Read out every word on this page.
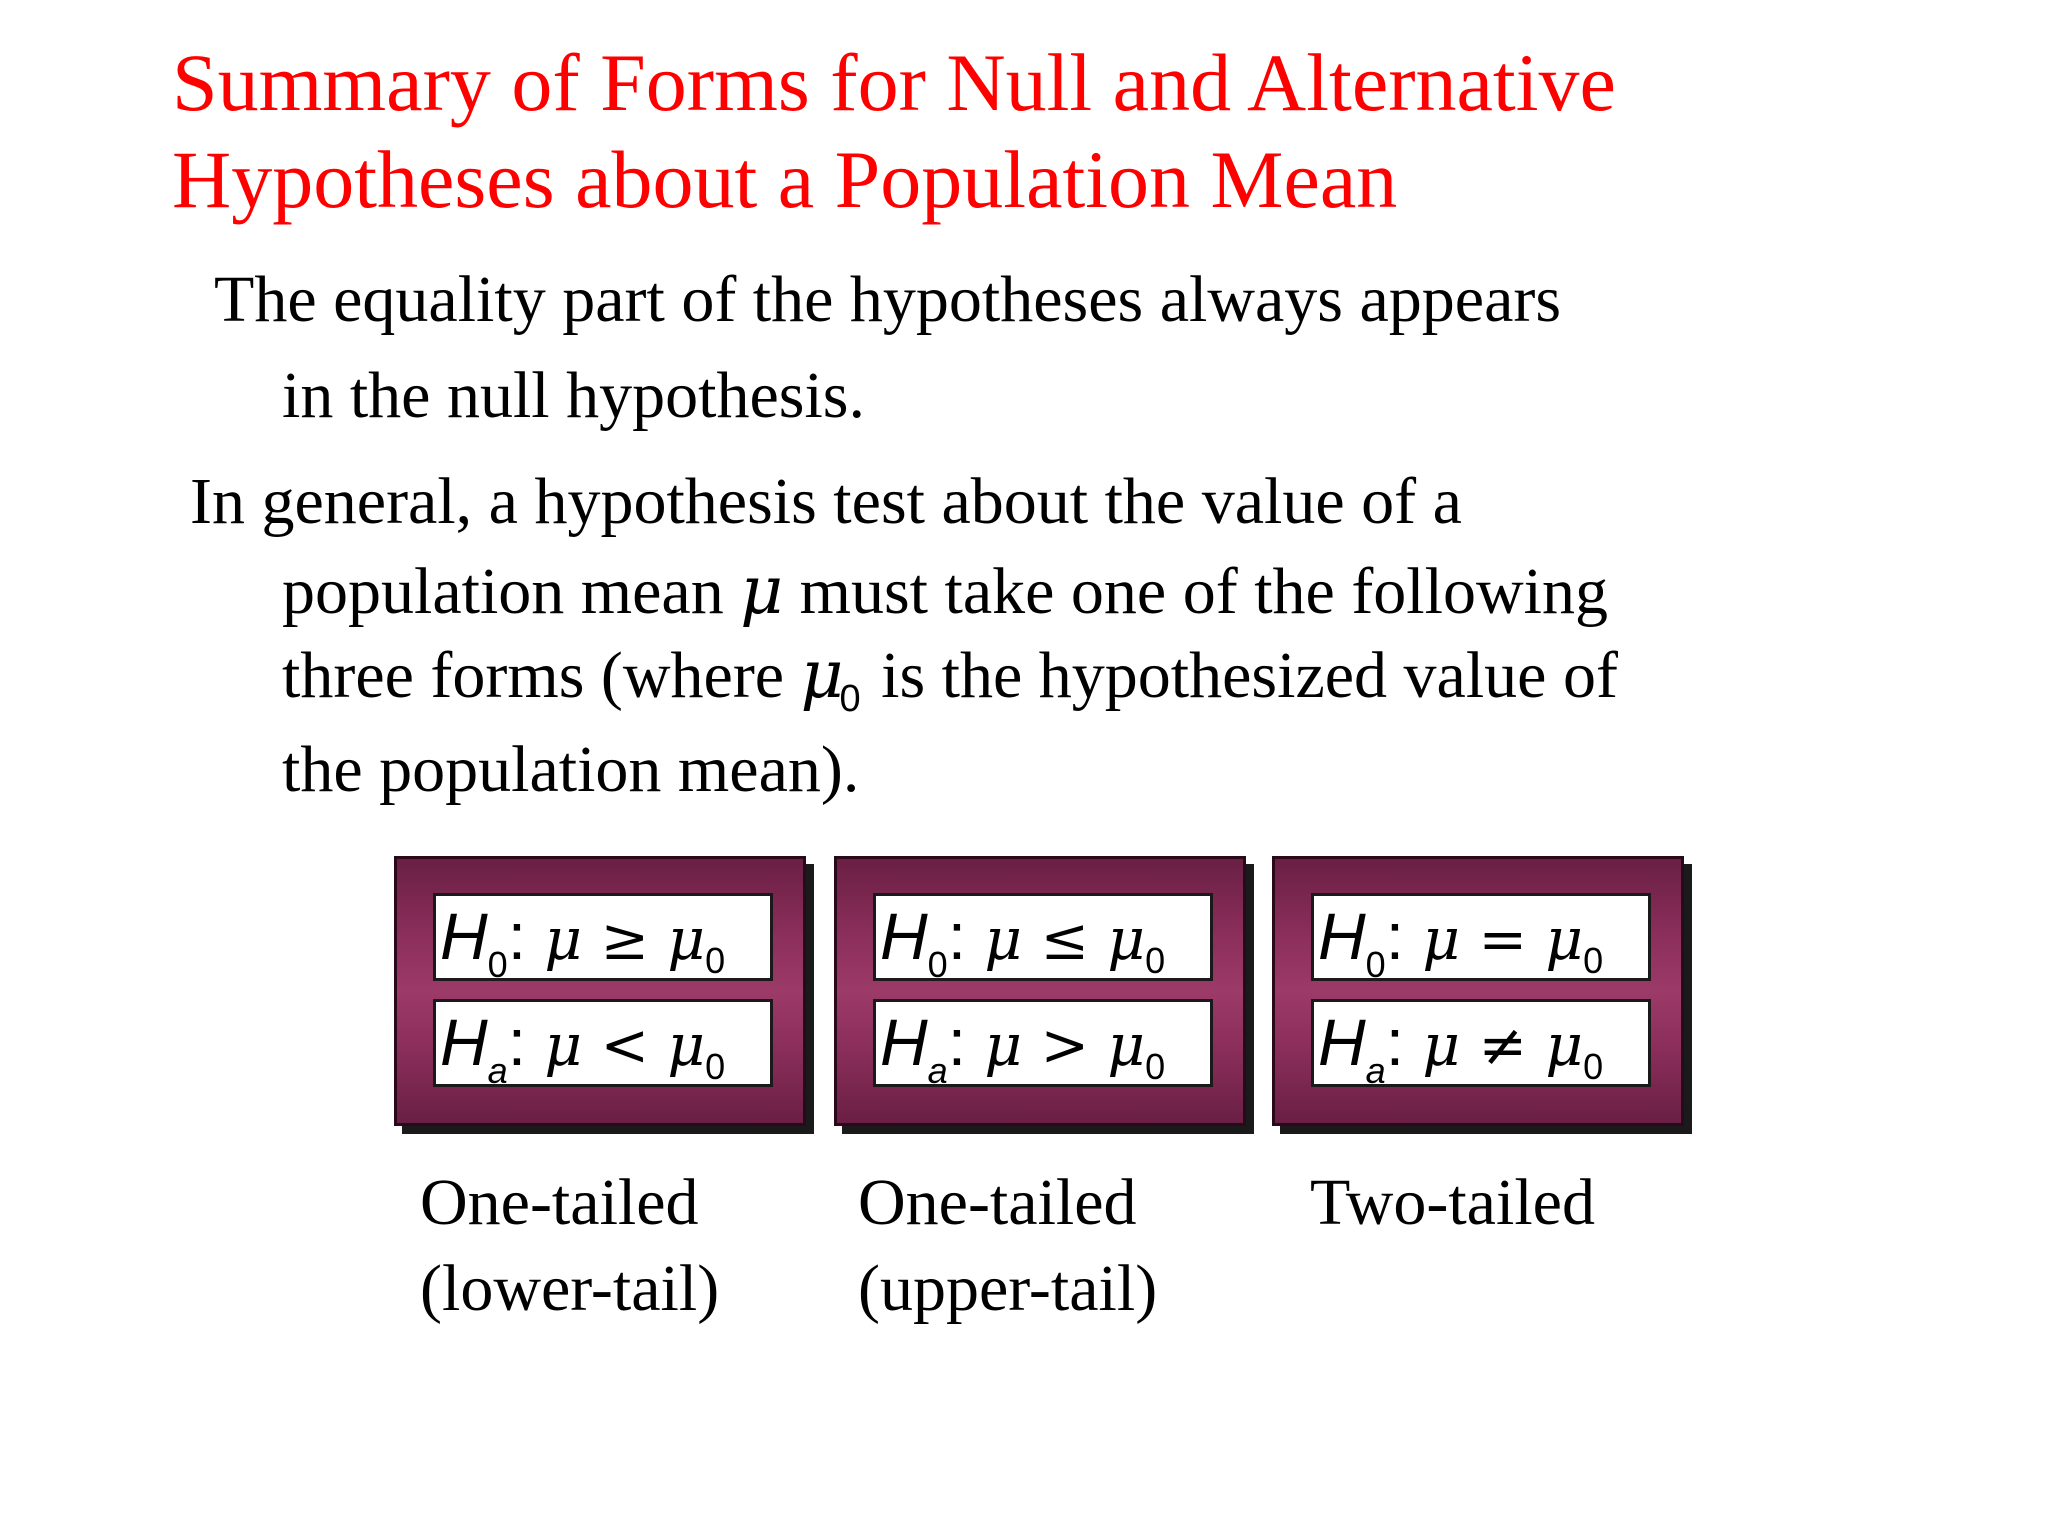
Summary of Forms for Null and Alternative
Hypotheses about a Population Mean
The equality part of the hypotheses always appears
in the null hypothesis.
In general, a hypothesis test about the value of a
population mean μ must take one of the following
three forms (where $\mu_0$ is the hypothesized value of
the population mean).
$H_0$: $\mu \ge \mu_0$
$H_a$: $\mu < \mu_0$
$H_0$: $\mu \le \mu_0$
$H_a$: $\mu > \mu_0$
$H_0$: $\mu = \mu_0$
$H_a$: $\mu \ne \mu_0$
One-tailed
(lower-tail)
One-tailed
(upper-tail)
Two-tailed
